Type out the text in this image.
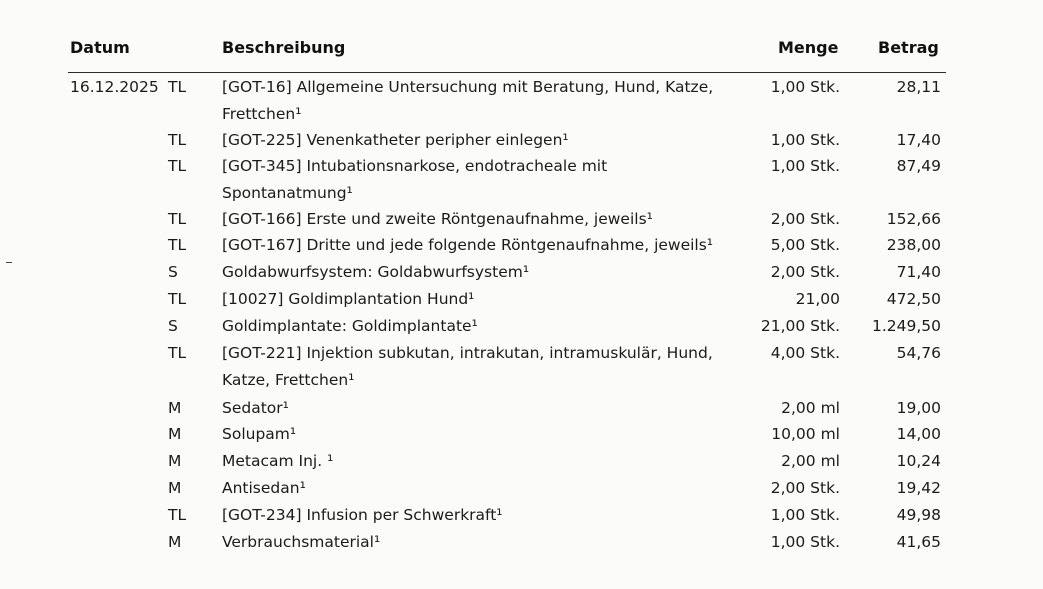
Datum	Beschreibung	Menge Betrag
16.12.2025 TL [GOT-16] Allgemeine Untersuchung mit Beratung, Hund, Katze,
Frettchen¹
1,00 Stk.	28,11
TL [GOT-225] Venenkatheter peripher einlegen¹	1,00 Stk.	17,40
TL [GOT-345] Intubationsnarkose, endotracheale mit
Spontanatmung¹
1,00 Stk.	87,49
TL [GOT-166] Erste und zweite Röntgenaufnahme, jeweils¹	2,00 Stk.	152,66
TL [GOT-167] Dritte und jede folgende Röntgenaufnahme, jeweils¹	5,00 Stk.	238,00
S	Goldabwurfsystem: Goldabwurfsystem¹	2,00 Stk.	71,40
TL [10027] Goldimplantation Hund¹	21,00	472,50
S	Goldimplantate: Goldimplantate¹	21,00 Stk. 1.249,50
TL [GOT-221] Injektion subkutan, intrakutan, intramuskulär, Hund,
Katze, Frettchen¹
4,00 Stk.	54,76
M	Sedator¹	2,00 ml	19,00
M	Solupam¹	10,00 ml	14,00
M	Metacam Inj. ¹	2,00 ml	10,24
M	Antisedan¹	2,00 Stk.	19,42
TL [GOT-234] Infusion per Schwerkraft¹	1,00 Stk.	49,98
M	Verbrauchsmaterial¹	1,00 Stk.	41,65
